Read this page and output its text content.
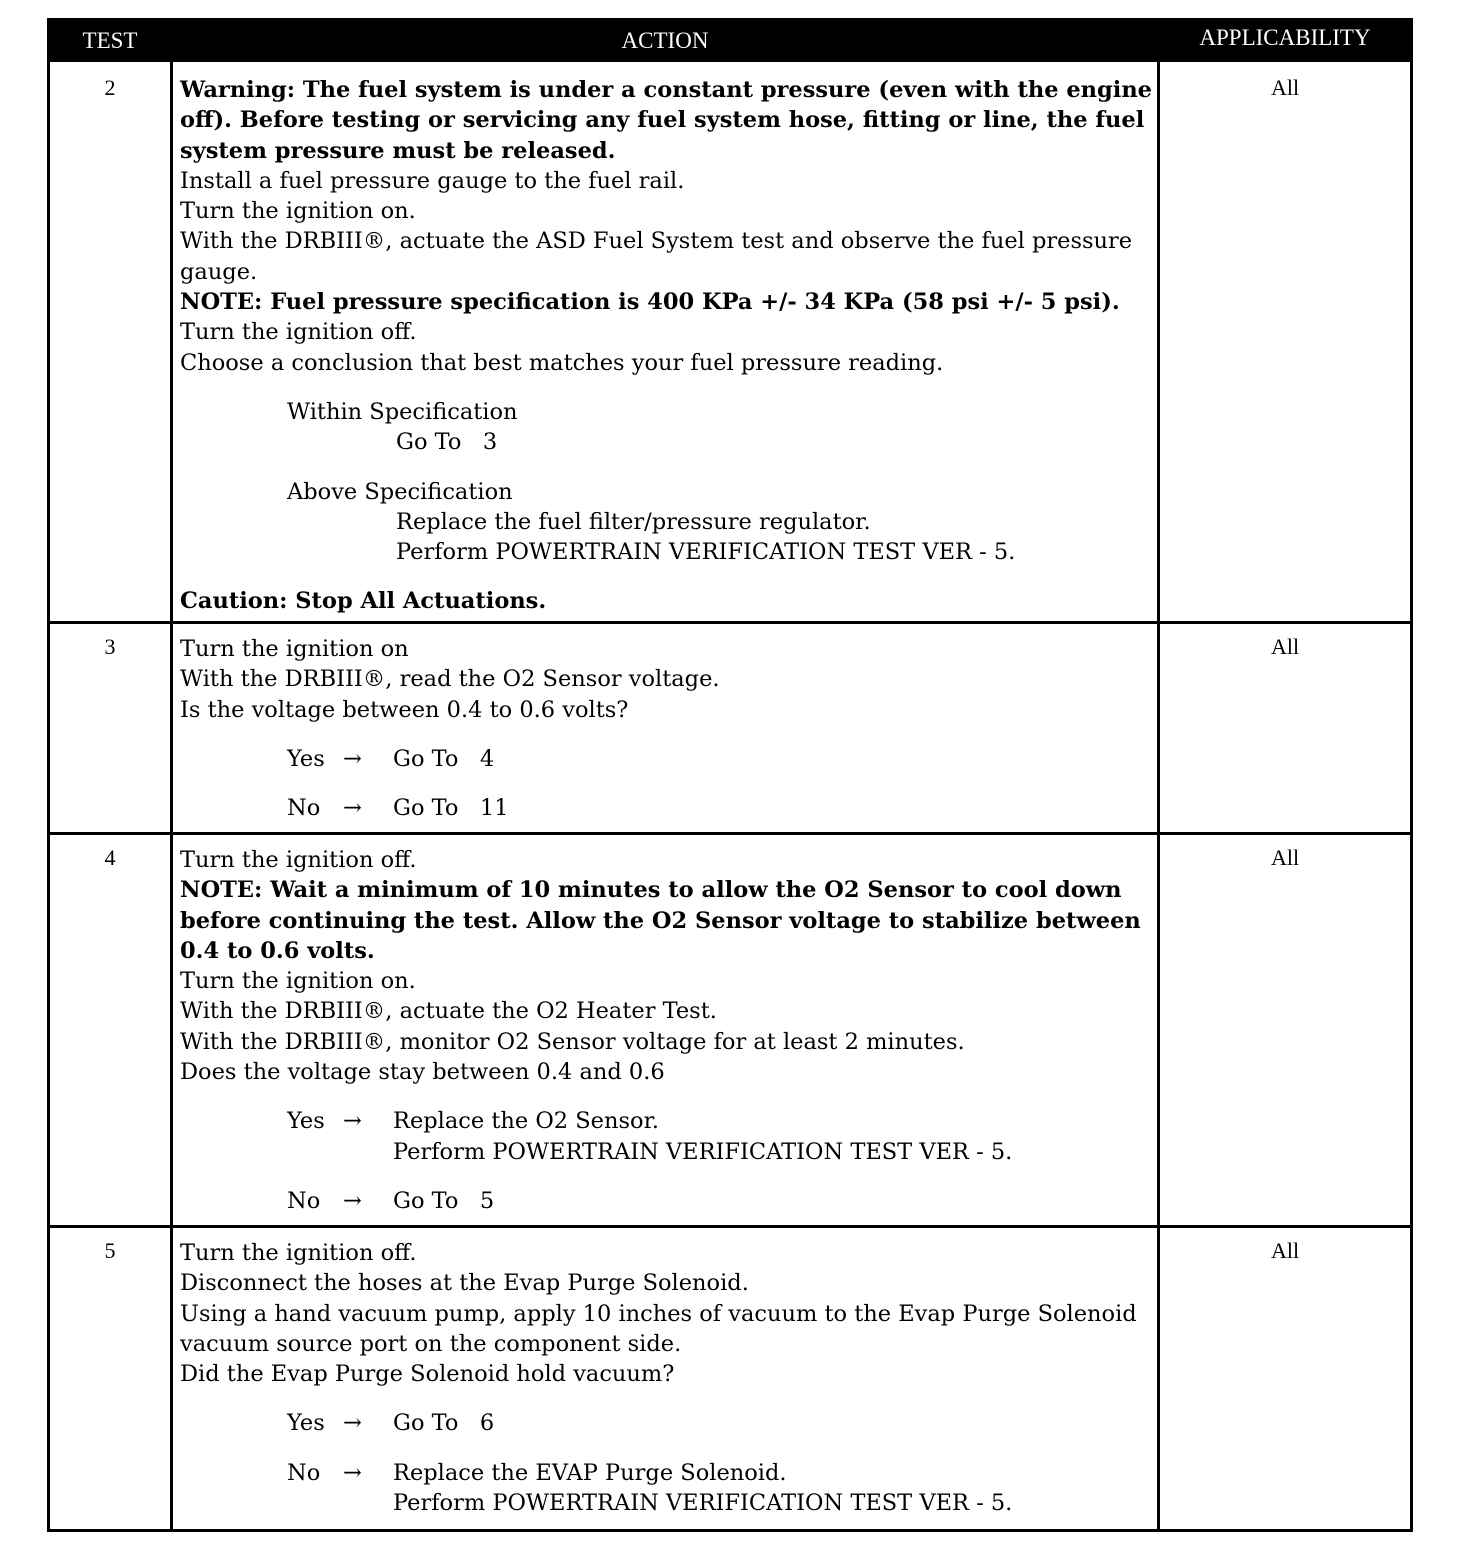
TEST	ACTION	APPLICABILITY
2	Warning: The fuel system is under a constant pressure (even with the engine off). Before testing or servicing any fuel system hose, fitting or line, the fuel system pressure must be released.

Install a fuel pressure gauge to the fuel rail.

Turn the ignition on.

With the DRBIII®, actuate the ASD Fuel System test and observe the fuel pressure gauge.

NOTE: Fuel pressure specification is 400 KPa +/- 34 KPa (58 psi +/- 5 psi).

Turn the ignition off.

Choose a conclusion that best matches your fuel pressure reading.

Within Specification

Go To   3

Above Specification

Replace the fuel filter/pressure regulator.

Perform POWERTRAIN VERIFICATION TEST VER - 5.

Caution: Stop All Actuations.

All
3	Turn the ignition on

With the DRBIII®, read the O2 Sensor voltage.

Is the voltage between 0.4 to 0.6 volts?

Yes →	Go To   4
No	→	Go To   11
All
4	Turn the ignition off.

NOTE: Wait a minimum of 10 minutes to allow the O2 Sensor to cool down before continuing the test. Allow the O2 Sensor voltage to stabilize between 0.4 to 0.6 volts.

Turn the ignition on.

With the DRBIII®, actuate the O2 Heater Test.

With the DRBIII®, monitor O2 Sensor voltage for at least 2 minutes.

Does the voltage stay between 0.4 and 0.6

Yes →	Replace the O2 Sensor.
Perform POWERTRAIN VERIFICATION TEST VER - 5.
No	→	Go To   5
All
5	Turn the ignition off.

Disconnect the hoses at the Evap Purge Solenoid.

Using a hand vacuum pump, apply 10 inches of vacuum to the Evap Purge Solenoid vacuum source port on the component side.

Did the Evap Purge Solenoid hold vacuum?

Yes →	Go To   6
No	→	Replace the EVAP Purge Solenoid.
Perform POWERTRAIN VERIFICATION TEST VER - 5.
All
